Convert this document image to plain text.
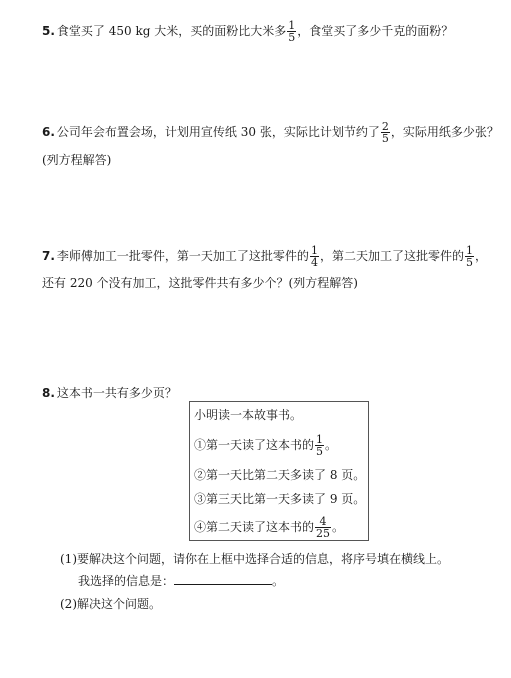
5. 食堂买了 450 kg 大米，买的面粉比大米多 $\frac{1}{5}$ ，食堂买了多少千克的面粉？
6. 公司年会布置会场，计划用宣传纸 30 张，实际比计划节约了 $\frac{2}{5}$ ，实际用纸多少张？
(列方程解答)
7. 李师傅加工一批零件，第一天加工了这批零件的 $\frac{1}{4}$ ，第二天加工了这批零件的 $\frac{1}{5}$ ，
还有 220 个没有加工，这批零件共有多少个？(列方程解答)
8. 这本书一共有多少页？
小明读一本故事书。
①第一天读了这本书的 $\frac{1}{5}$ 。
②第一天比第二天多读了 8 页。
③第三天比第一天多读了 9 页。
④第二天读了这本书的 $\frac{4}{25}$ 。
(1)要解决这个问题，请你在上框中选择合适的信息，将序号填在横线上。
我选择的信息是：	。
(2)解决这个问题。
